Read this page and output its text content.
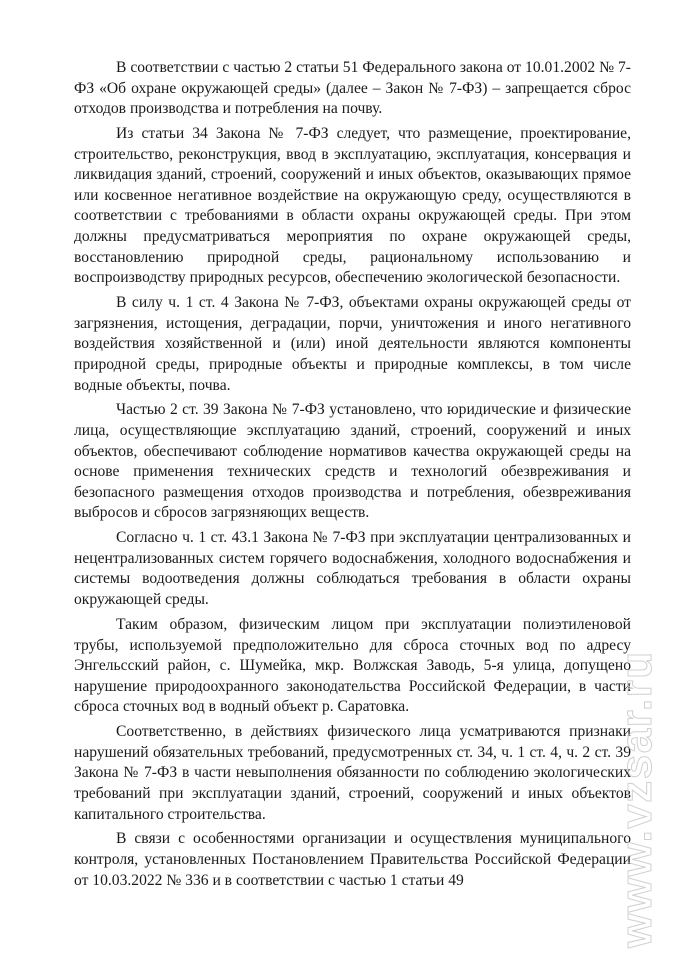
В соответствии с частью 2 статьи 51 Федерального закона от 10.01.2002 № 7-ФЗ «Об охране окружающей среды» (далее – Закон № 7-ФЗ) – запрещается сброс отходов производства и потребления на почву.

Из статьи 34 Закона № 7-ФЗ следует, что размещение, проектирование, строительство, реконструкция, ввод в эксплуатацию, эксплуатация, консервация и ликвидация зданий, строений, сооружений и иных объектов, оказывающих прямое или косвенное негативное воздействие на окружающую среду, осуществляются в соответствии с требованиями в области охраны окружающей среды. При этом должны предусматриваться мероприятия по охране окружающей среды, восстановлению природной среды, рациональному использованию и воспроизводству природных ресурсов, обеспечению экологической безопасности.

В силу ч. 1 ст. 4 Закона № 7-ФЗ, объектами охраны окружающей среды от загрязнения, истощения, деградации, порчи, уничтожения и иного негативного воздействия хозяйственной и (или) иной деятельности являются компоненты природной среды, природные объекты и природные комплексы, в том числе водные объекты, почва.

Частью 2 ст. 39 Закона № 7-ФЗ установлено, что юридические и физические лица, осуществляющие эксплуатацию зданий, строений, сооружений и иных объектов, обеспечивают соблюдение нормативов качества окружающей среды на основе применения технических средств и технологий обезвреживания и безопасного размещения отходов производства и потребления, обезвреживания выбросов и сбросов загрязняющих веществ.

Согласно ч. 1 ст. 43.1 Закона № 7-ФЗ при эксплуатации централизованных и нецентрализованных систем горячего водоснабжения, холодного водоснабжения и системы водоотведения должны соблюдаться требования в области охраны окружающей среды.

Таким образом, физическим лицом при эксплуатации полиэтиленовой трубы, используемой предположительно для сброса сточных вод по адресу Энгельсский район, с. Шумейка, мкр. Волжская Заводь, 5-я улица, допущено нарушение природоохранного законодательства Российской Федерации, в части сброса сточных вод в водный объект р. Саратовка.

Соответственно, в действиях физического лица усматриваются признаки нарушений обязательных требований, предусмотренных ст. 34, ч. 1 ст. 4, ч. 2 ст. 39 Закона № 7-ФЗ в части невыполнения обязанности по соблюдению экологических требований при эксплуатации зданий, строений, сооружений и иных объектов капитального строительства.

В связи с особенностями организации и осуществления муниципального контроля, установленных Постановлением Правительства Российской Федерации от 10.03.2022 № 336 и в соответствии с частью 1 статьи 49	www.vzsar.ru
